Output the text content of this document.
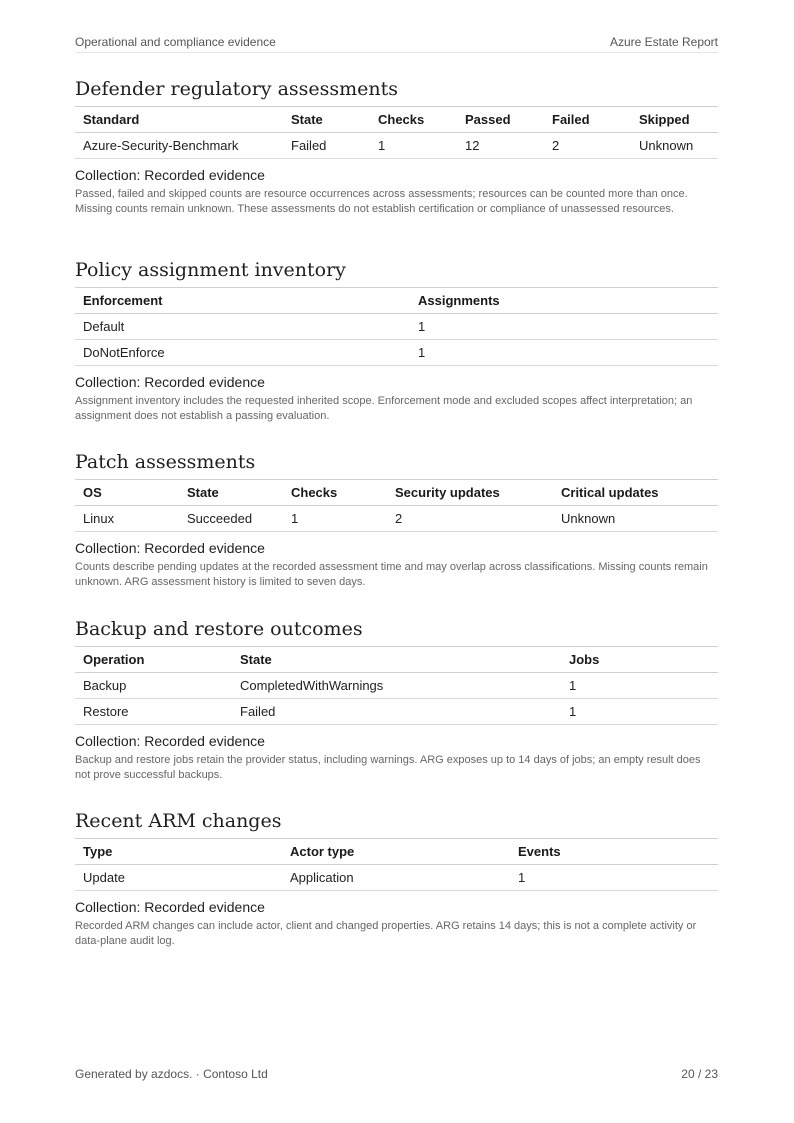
Operational and compliance evidence	Azure Estate Report
Defender regulatory assessments
Standard	State	Checks	Passed	Failed	Skipped
Azure-Security-Benchmark	Failed	1	12	2	Unknown
Collection: Recorded evidence
Passed, failed and skipped counts are resource occurrences across assessments; resources can be counted more than once. Missing counts remain unknown. These assessments do not establish certification or compliance of unassessed resources.
Policy assignment inventory
Enforcement	Assignments
Default	1
DoNotEnforce	1
Collection: Recorded evidence
Assignment inventory includes the requested inherited scope. Enforcement mode and excluded scopes affect interpretation; an assignment does not establish a passing evaluation.
Patch assessments
OS	State	Checks	Security updates	Critical updates
Linux	Succeeded	1	2	Unknown
Collection: Recorded evidence
Counts describe pending updates at the recorded assessment time and may overlap across classifications. Missing counts remain unknown. ARG assessment history is limited to seven days.
Backup and restore outcomes
Operation	State	Jobs
Backup	CompletedWithWarnings	1
Restore	Failed	1
Collection: Recorded evidence
Backup and restore jobs retain the provider status, including warnings. ARG exposes up to 14 days of jobs; an empty result does not prove successful backups.
Recent ARM changes
Type	Actor type	Events
Update	Application	1
Collection: Recorded evidence
Recorded ARM changes can include actor, client and changed properties. ARG retains 14 days; this is not a complete activity or data-plane audit log.
Generated by azdocs. · Contoso Ltd	20 / 23
